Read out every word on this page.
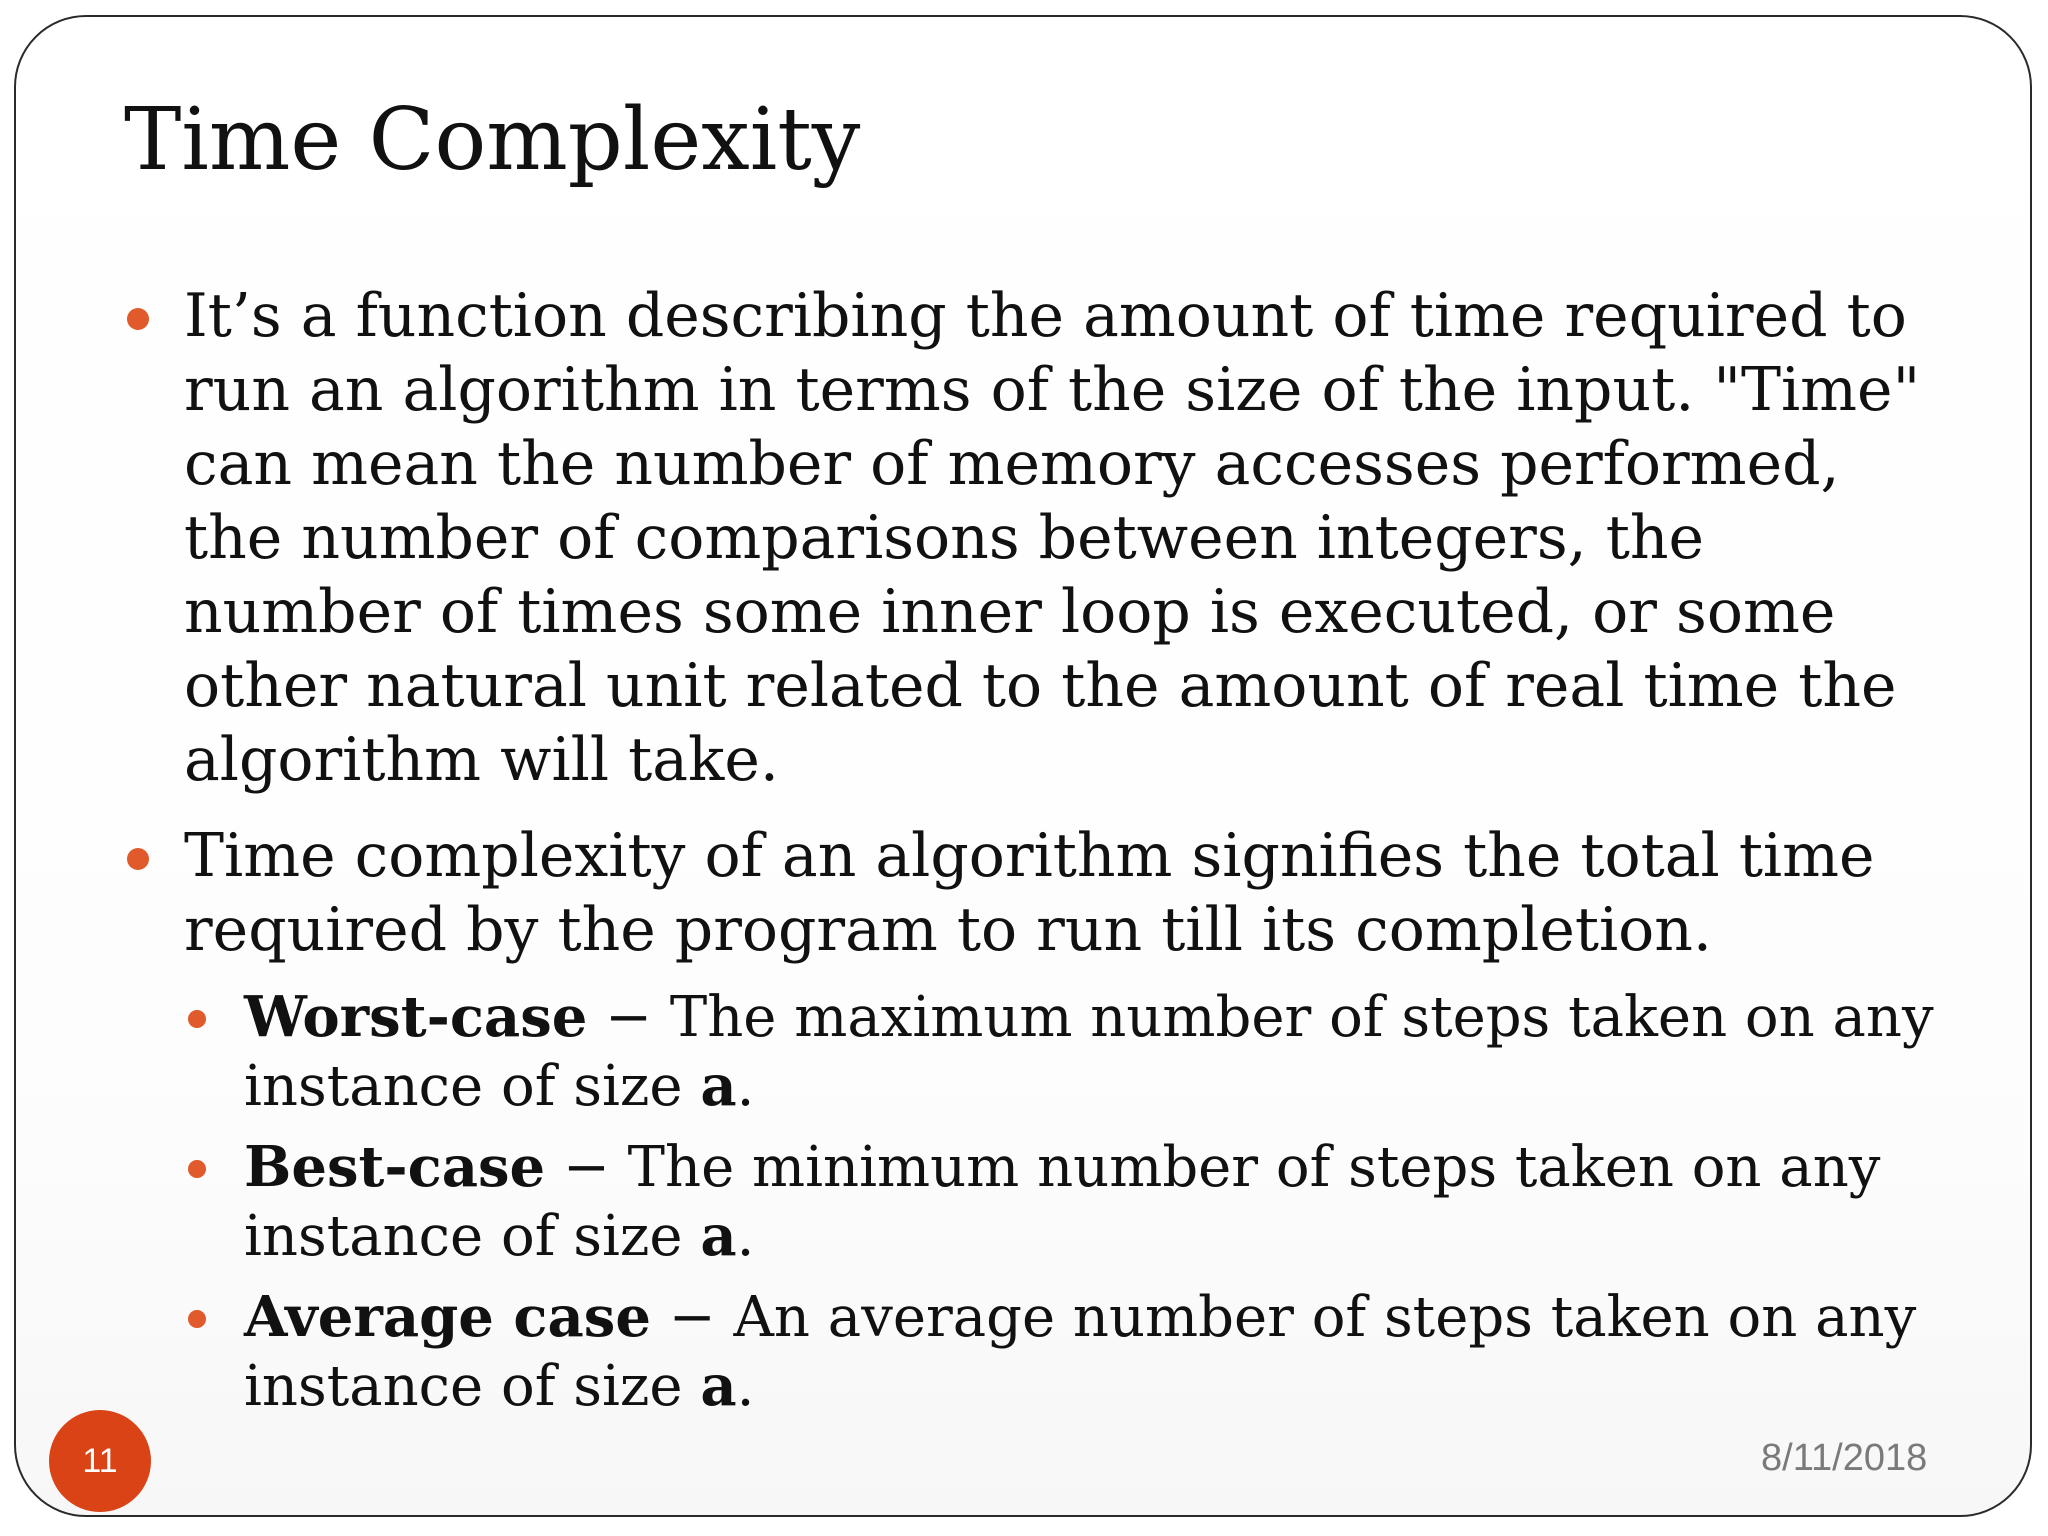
Time Complexity
It’s a function describing the amount of time required to run an algorithm in terms of the size of the input. "Time" can mean the number of memory accesses performed, the number of comparisons between integers, the number of times some inner loop is executed, or some other natural unit related to the amount of real time the algorithm will take.
Time complexity of an algorithm signifies the total time required by the program to run till its completion.
Worst-case − The maximum number of steps taken on any instance of size a.
Best-case − The minimum number of steps taken on any instance of size a.
Average case − An average number of steps taken on any instance of size a.
11	8/11/2018
